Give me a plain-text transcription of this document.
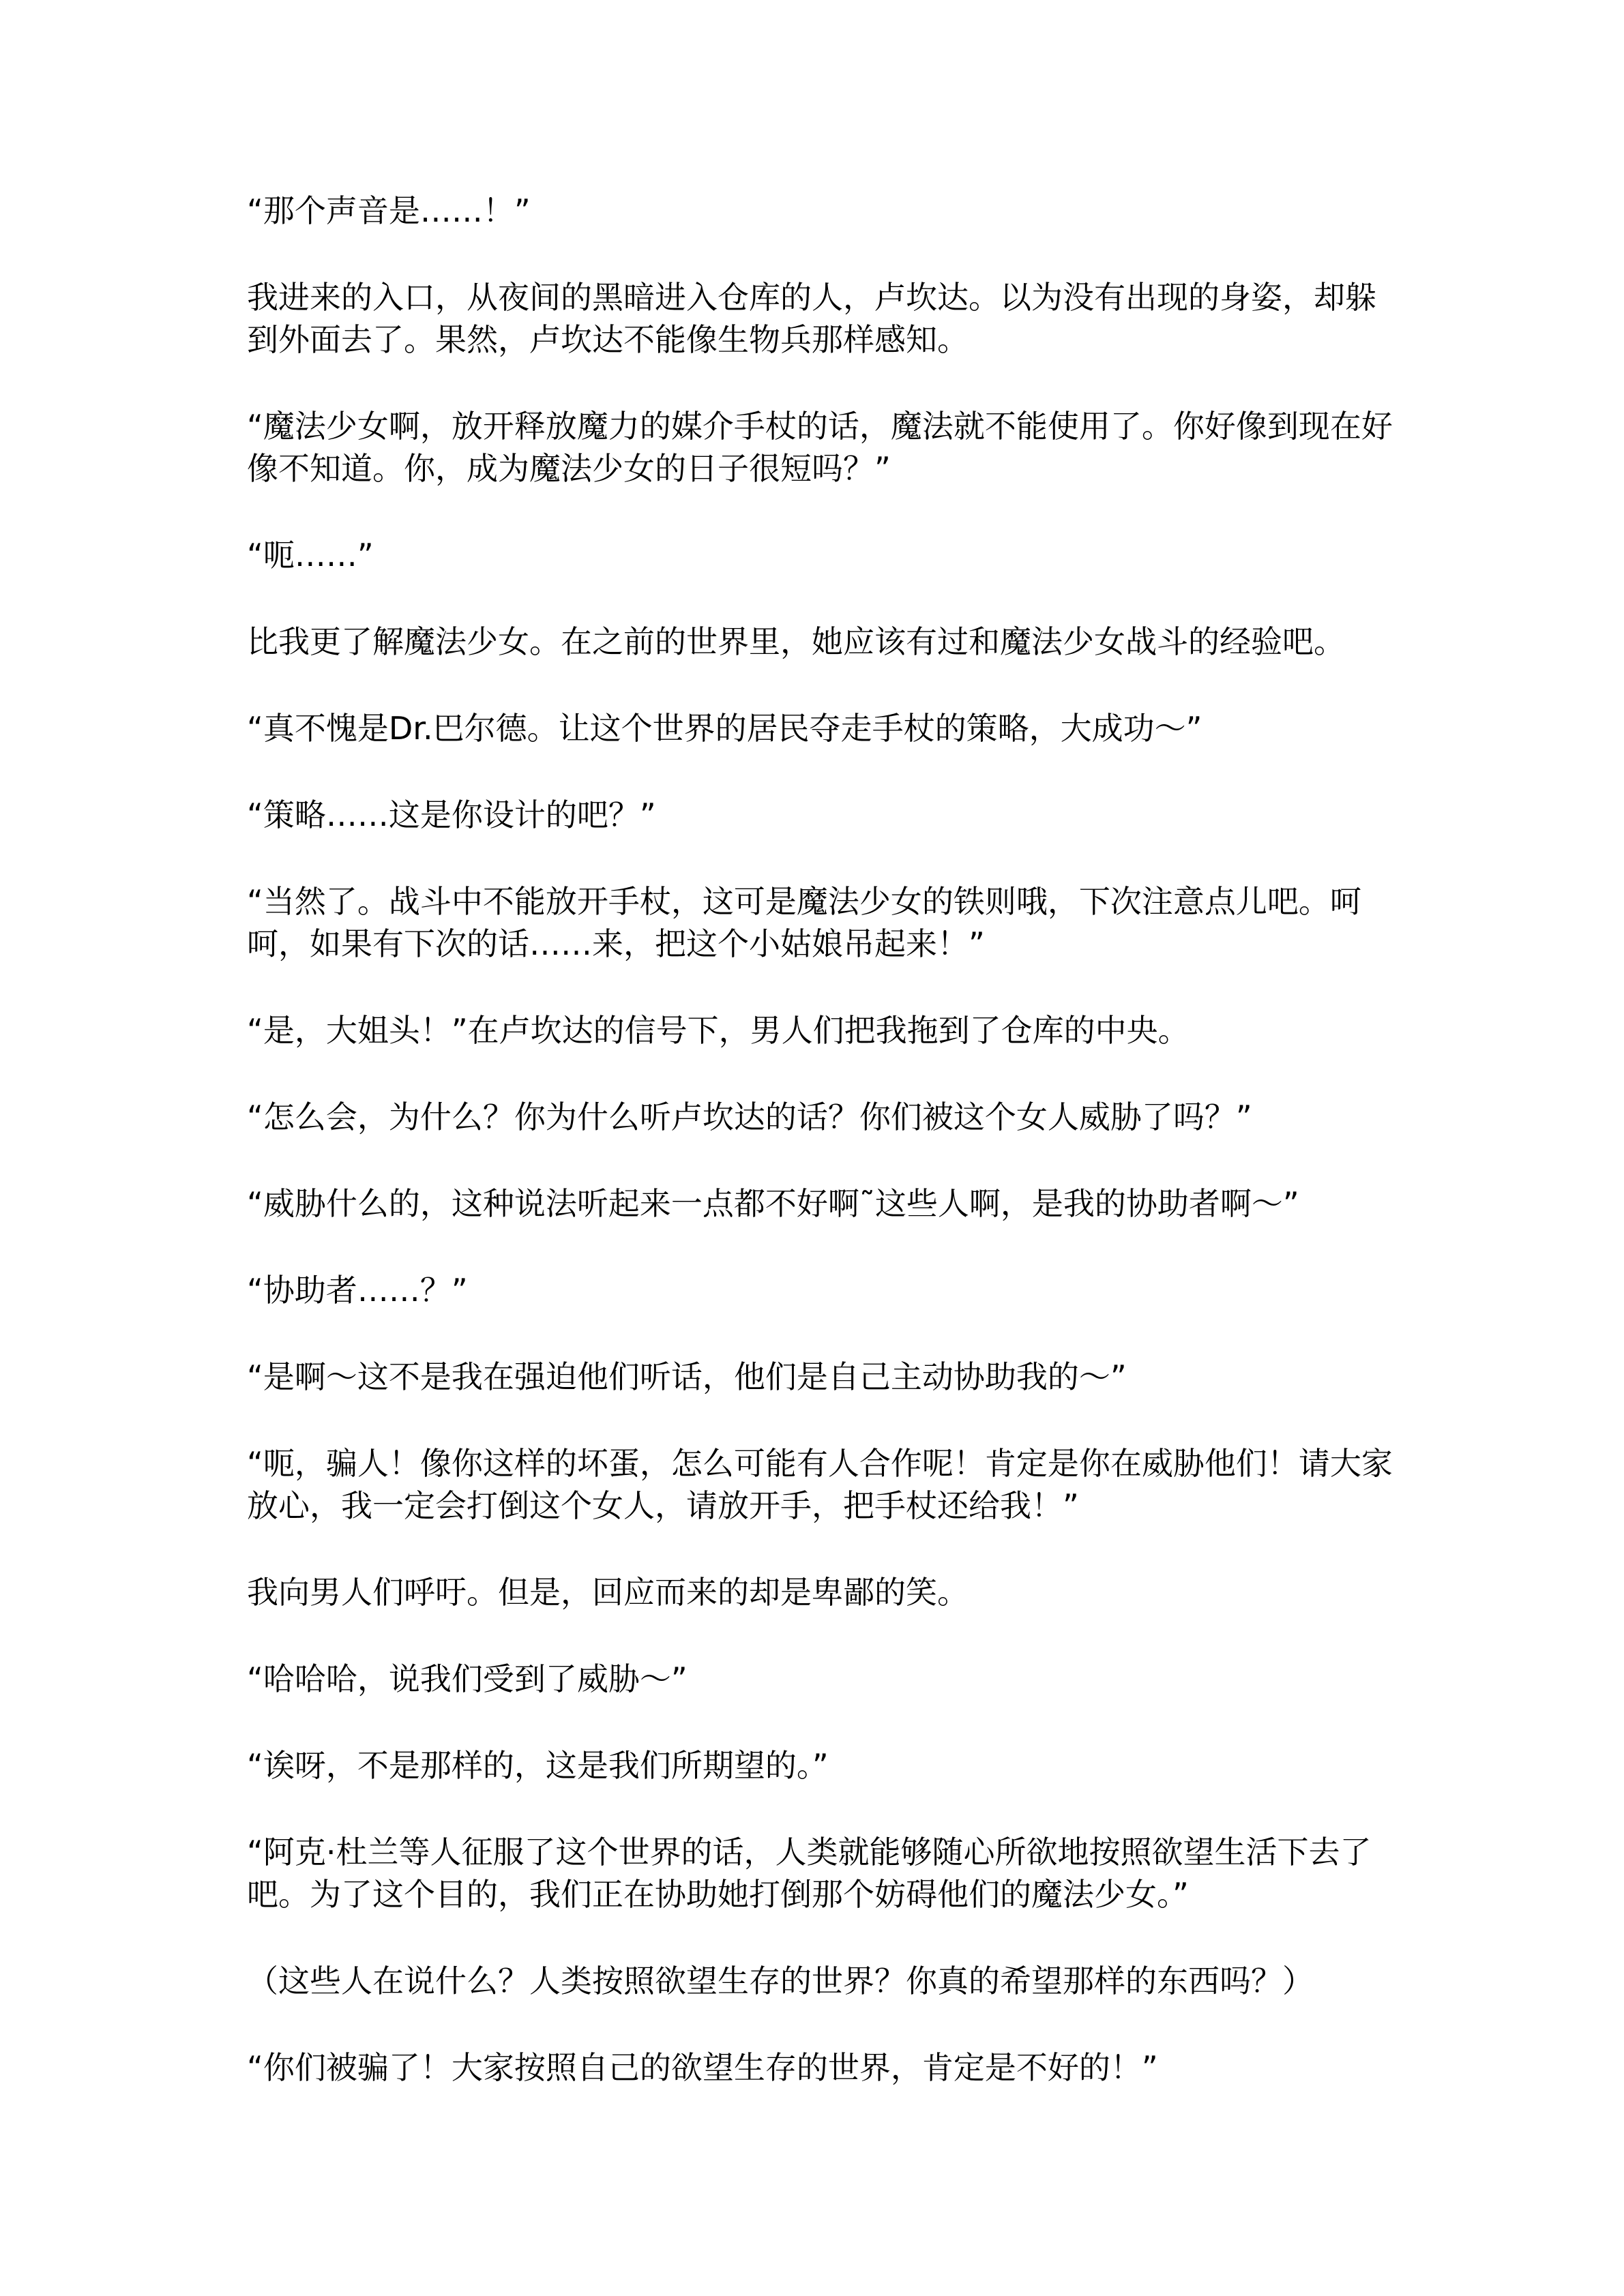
“那个声音是……！”

我进来的入口，从夜间的黑暗进入仓库的人，卢坎达。以为没有出现的身姿，却躲到外面去了。果然，卢坎达不能像生物兵那样感知。

“魔法少女啊，放开释放魔力的媒介手杖的话，魔法就不能使用了。你好像到现在好像不知道。你，成为魔法少女的日子很短吗？”

“呃……”

比我更了解魔法少女。在之前的世界里，她应该有过和魔法少女战斗的经验吧。

“真不愧是Dr.巴尔德。让这个世界的居民夺走手杖的策略，大成功～”

“策略……这是你设计的吧？”

“当然了。战斗中不能放开手杖，这可是魔法少女的铁则哦，下次注意点儿吧。呵呵，如果有下次的话……来，把这个小姑娘吊起来！”

“是，大姐头！”在卢坎达的信号下，男人们把我拖到了仓库的中央。

“怎么会，为什么？你为什么听卢坎达的话？你们被这个女人威胁了吗？”

“威胁什么的，这种说法听起来一点都不好啊˜这些人啊，是我的协助者啊～”

“协助者……？”

“是啊～这不是我在强迫他们听话，他们是自己主动协助我的～”

“呃，骗人！像你这样的坏蛋，怎么可能有人合作呢！肯定是你在威胁他们！请大家放心，我一定会打倒这个女人，请放开手，把手杖还给我！”

我向男人们呼吁。但是，回应而来的却是卑鄙的笑。

“哈哈哈，说我们受到了威胁～”

“诶呀，不是那样的，这是我们所期望的。”

“阿克·杜兰等人征服了这个世界的话，人类就能够随心所欲地按照欲望生活下去了吧。为了这个目的，我们正在协助她打倒那个妨碍他们的魔法少女。”

（这些人在说什么？人类按照欲望生存的世界？你真的希望那样的东西吗？）

“你们被骗了！大家按照自己的欲望生存的世界，肯定是不好的！”
